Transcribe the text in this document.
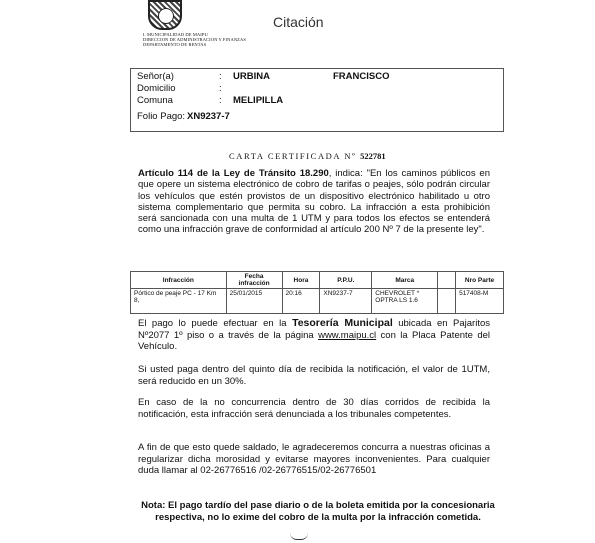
I. MUNICIPALIDAD DE MAIPU
DIRECCION DE ADMINISTRACION Y FINANZAS
DEPARTAMENTO DE RENTAS
Citación
Señor(a)	: URBINA	FRANCISCO
Domicilio	:
Comuna	: MELIPILLA
Folio Pago: XN9237-7
CARTA CERTIFICADA Nº 522781
Artículo 114 de la Ley de Tránsito 18.290, indica: "En los caminos públicos en que opere un sistema electrónico de cobro de tarifas o peajes, sólo podrán circular los vehículos que estén provistos de un dispositivo electrónico habilitado u otro sistema complementario que permita su cobro. La infracción a esta prohibición será sancionada con una multa de 1 UTM y para todos los efectos se entenderá como una infracción grave de conformidad al artículo 200 Nº 7 de la presente ley".
Infracción	Fecha infracción	Hora	P.P.U.	Marca		Nro Parte
Pórtico de peaje PC - 17 Km 8,	25/01/2015	20:16	XN9237-7	CHEVROLET * OPTRA LS 1.6		517408-M
El pago lo puede efectuar en la Tesorería Municipal ubicada en Pajaritos Nº2077 1º piso o a través de la página www.maipu.cl con la Placa Patente del Vehículo.
Si usted paga dentro del quinto día de recibida la notificación, el valor de 1UTM, será reducido en un 30%.
En caso de la no concurrencia dentro de 30 días corridos de recibida la notificación, esta infracción será denunciada a los tribunales competentes.
A fin de que esto quede saldado, le agradeceremos concurra a nuestras oficinas a regularizar dicha morosidad y evitarse mayores inconvenientes. Para cualquier duda llamar al 02-26776516 /02-26776515/02-26776501
Nota: El pago tardío del pase diario o de la boleta emitida por la concesionaria respectiva, no lo exime del cobro de la multa por la infracción cometida.
